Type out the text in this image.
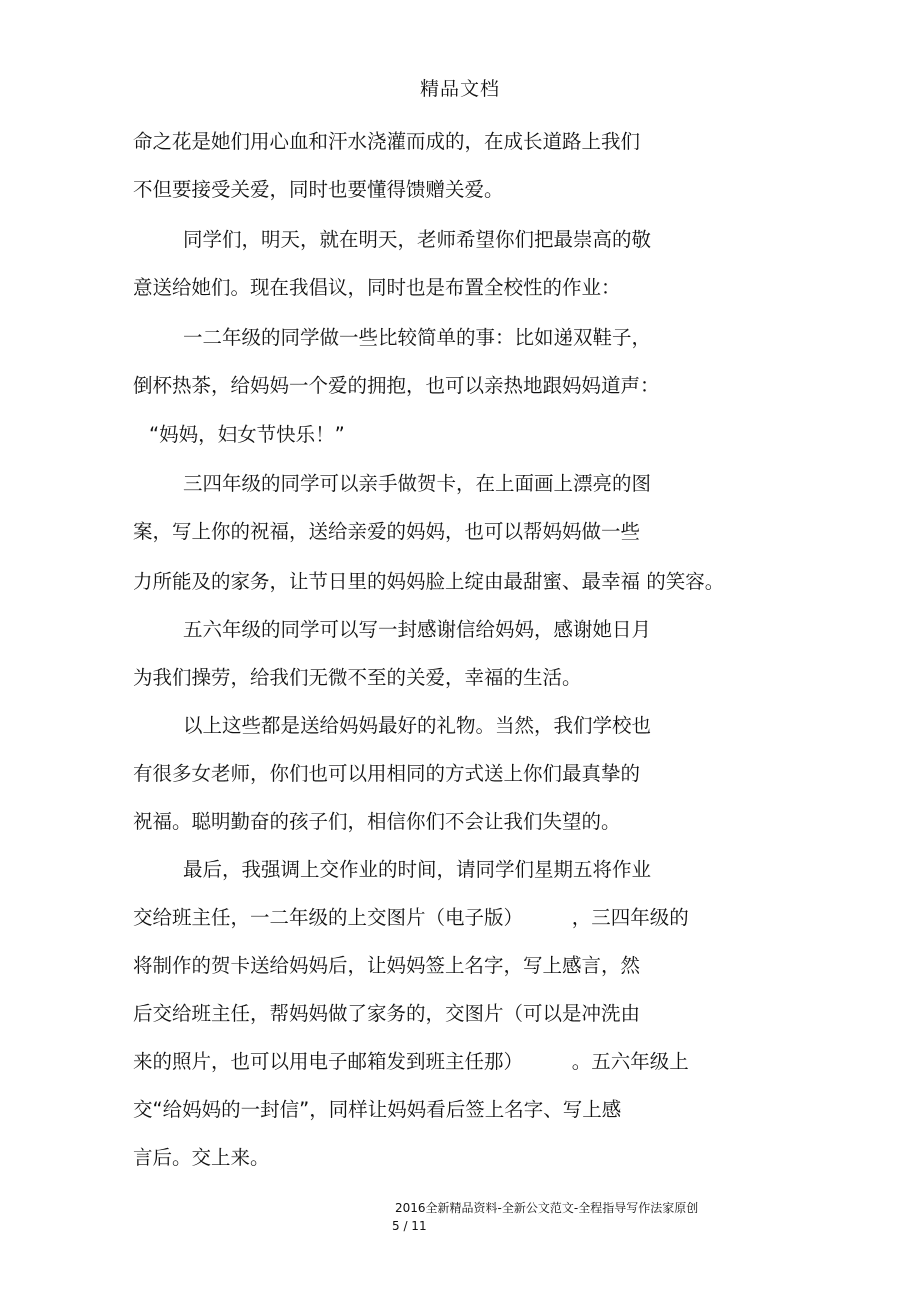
精品文档
命之花是她们用心血和汗水浇灌而成的，在成长道路上我们
不但要接受关爱，同时也要懂得馈赠关爱。
同学们，明天，就在明天，老师希望你们把最崇高的敬
意送给她们。现在我倡议，同时也是布置全校性的作业：
一二年级的同学做一些比较简单的事：比如递双鞋子，
倒杯热茶，给妈妈一个爱的拥抱，也可以亲热地跟妈妈道声：
“妈妈，妇女节快乐！”
三四年级的同学可以亲手做贺卡，在上面画上漂亮的图
案，写上你的祝福，送给亲爱的妈妈，也可以帮妈妈做一些
力所能及的家务，让节日里的妈妈脸上绽由最甜蜜、最幸福 的笑容。
五六年级的同学可以写一封感谢信给妈妈，感谢她日月
为我们操劳，给我们无微不至的关爱，幸福的生活。
以上这些都是送给妈妈最好的礼物。当然，我们学校也
有很多女老师，你们也可以用相同的方式送上你们最真挚的
祝福。聪明勤奋的孩子们，相信你们不会让我们失望的。
最后，我强调上交作业的时间，请同学们星期五将作业
交给班主任，一二年级的上交图片（电子版）　　　，三四年级的
将制作的贺卡送给妈妈后，让妈妈签上名字，写上感言，然
后交给班主任，帮妈妈做了家务的，交图片（可以是冲洗由
来的照片，也可以用电子邮箱发到班主任那）　　　。五六年级上
交“给妈妈的一封信”，同样让妈妈看后签上名字、写上感
言后。交上来。
2016全新精品资料-全新公文范文-全程指导写作法家原创
5 / 11
